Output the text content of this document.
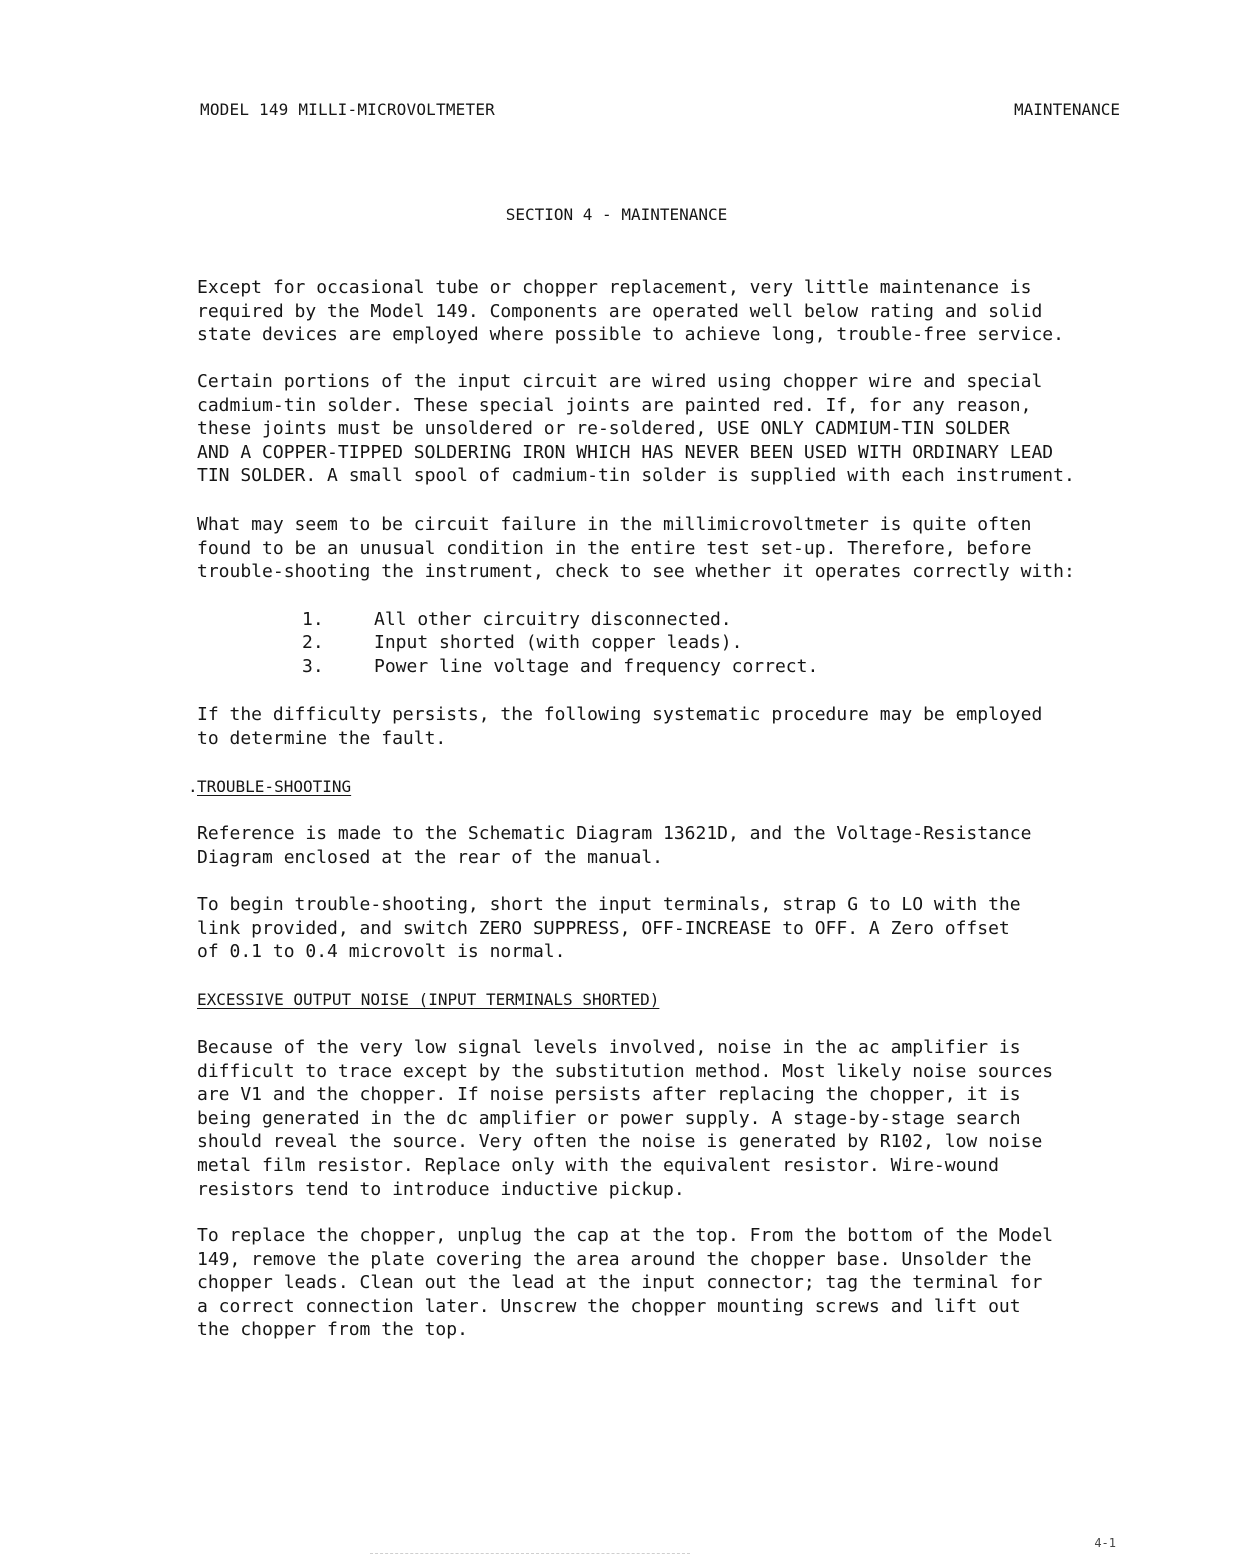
MODEL 149 MILLI-MICROVOLTMETER	MAINTENANCE
SECTION 4 - MAINTENANCE
Except for occasional tube or chopper replacement, very little maintenance is
required by the Model 149. Components are operated well below rating and solid
state devices are employed where possible to achieve long, trouble-free service.
Certain portions of the input circuit are wired using chopper wire and special
cadmium-tin solder. These special joints are painted red. If, for any reason,
these joints must be unsoldered or re-soldered, USE ONLY CADMIUM-TIN SOLDER
AND A COPPER-TIPPED SOLDERING IRON WHICH HAS NEVER BEEN USED WITH ORDINARY LEAD
TIN SOLDER. A small spool of cadmium-tin solder is supplied with each instrument.
What may seem to be circuit failure in the millimicrovoltmeter is quite often
found to be an unusual condition in the entire test set-up. Therefore, before
trouble-shooting the instrument, check to see whether it operates correctly with:
1.	All other circuitry disconnected.
2.	Input shorted (with copper leads).
3.	Power line voltage and frequency correct.
If the difficulty persists, the following systematic procedure may be employed
to determine the fault.
. TROUBLE-SHOOTING
Reference is made to the Schematic Diagram 13621D, and the Voltage-Resistance
Diagram enclosed at the rear of the manual.
To begin trouble-shooting, short the input terminals, strap G to LO with the
link provided, and switch ZERO SUPPRESS, OFF-INCREASE to OFF. A Zero offset
of 0.1 to 0.4 microvolt is normal.
EXCESSIVE OUTPUT NOISE (INPUT TERMINALS SHORTED)
Because of the very low signal levels involved, noise in the ac amplifier is
difficult to trace except by the substitution method. Most likely noise sources
are V1 and the chopper. If noise persists after replacing the chopper, it is
being generated in the dc amplifier or power supply. A stage-by-stage search
should reveal the source. Very often the noise is generated by R102, low noise
metal film resistor. Replace only with the equivalent resistor. Wire-wound
resistors tend to introduce inductive pickup.
To replace the chopper, unplug the cap at the top. From the bottom of the Model
149, remove the plate covering the area around the chopper base. Unsolder the
chopper leads. Clean out the lead at the input connector; tag the terminal for
a correct connection later. Unscrew the chopper mounting screws and lift out
the chopper from the top.
4-1
